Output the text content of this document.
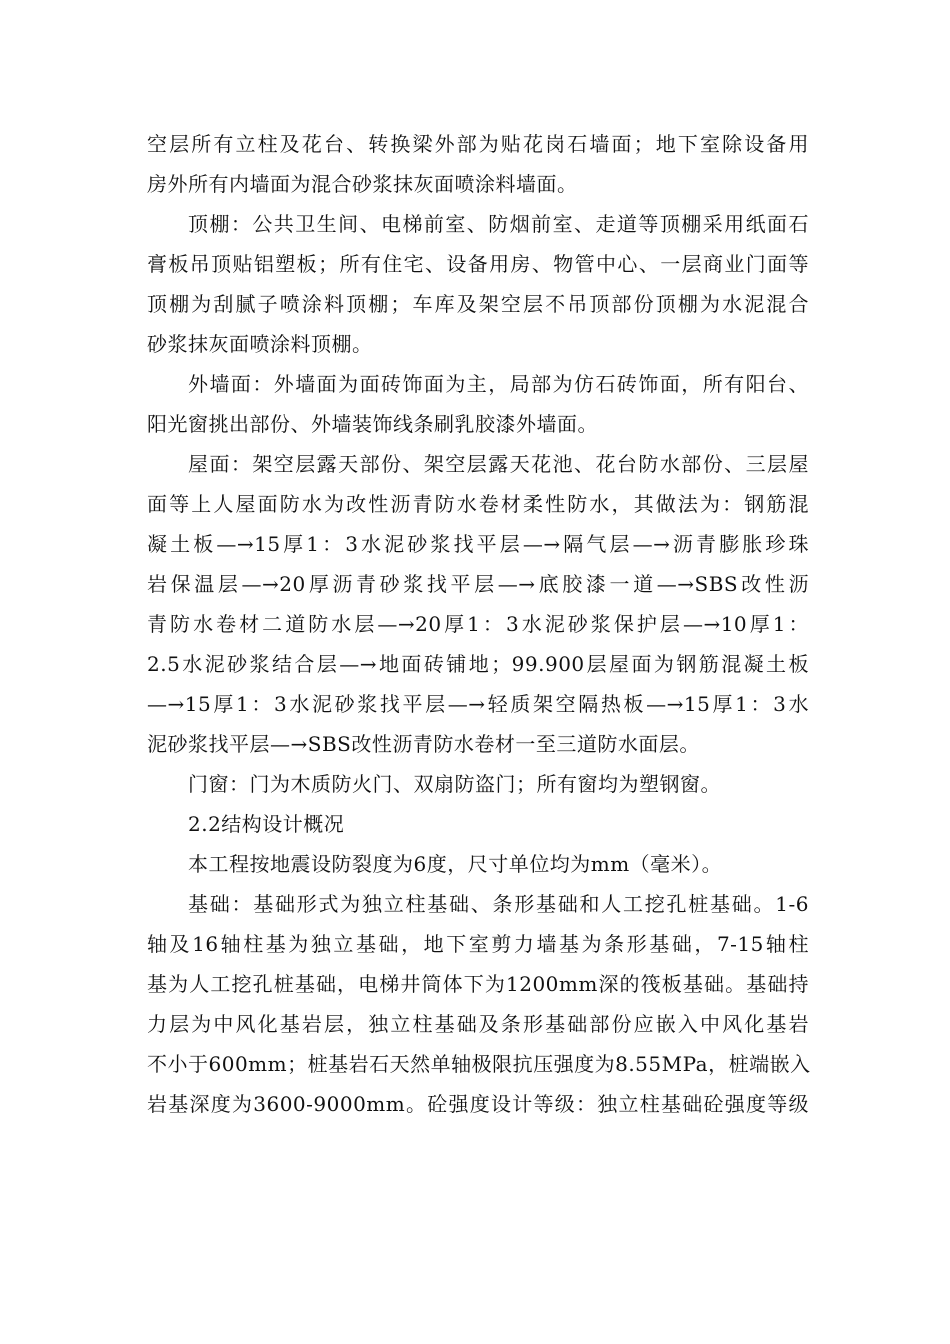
空层所有立柱及花台、转换梁外部为贴花岗石墙面；地下室除设备用
房外所有内墙面为混合砂浆抹灰面喷涂料墙面。
顶棚：公共卫生间、电梯前室、防烟前室、走道等顶棚采用纸面石
膏板吊顶贴铝塑板；所有住宅、设备用房、物管中心、一层商业门面等
顶棚为刮腻子喷涂料顶棚；车库及架空层不吊顶部份顶棚为水泥混合
砂浆抹灰面喷涂料顶棚。
外墙面：外墙面为面砖饰面为主，局部为仿石砖饰面，所有阳台、
阳光窗挑出部份、外墙装饰线条刷乳胶漆外墙面。
屋面：架空层露天部份、架空层露天花池、花台防水部份、三层屋
面等上人屋面防水为改性沥青防水卷材柔性防水，其做法为：钢筋混
凝土板—→15厚1：3水泥砂浆找平层—→隔气层—→沥青膨胀珍珠
岩保温层—→20厚沥青砂浆找平层—→底胶漆一道—→SBS改性沥
青防水卷材二道防水层—→20厚1：3水泥砂浆保护层—→10厚1：
2.5水泥砂浆结合层—→地面砖铺地；99.900层屋面为钢筋混凝土板
—→15厚1：3水泥砂浆找平层—→轻质架空隔热板—→15厚1：3水
泥砂浆找平层—→SBS改性沥青防水卷材一至三道防水面层。
门窗：门为木质防火门、双扇防盗门；所有窗均为塑钢窗。
2.2结构设计概况
本工程按地震设防裂度为6度，尺寸单位均为mm（毫米）。
基础：基础形式为独立柱基础、条形基础和人工挖孔桩基础。1-6
轴及16轴柱基为独立基础，地下室剪力墙基为条形基础，7-15轴柱
基为人工挖孔桩基础，电梯井筒体下为1200mm深的筏板基础。基础持
力层为中风化基岩层，独立柱基础及条形基础部份应嵌入中风化基岩
不小于600mm；桩基岩石天然单轴极限抗压强度为8.55MPa，桩端嵌入
岩基深度为3600-9000mm。砼强度设计等级：独立柱基础砼强度等级
